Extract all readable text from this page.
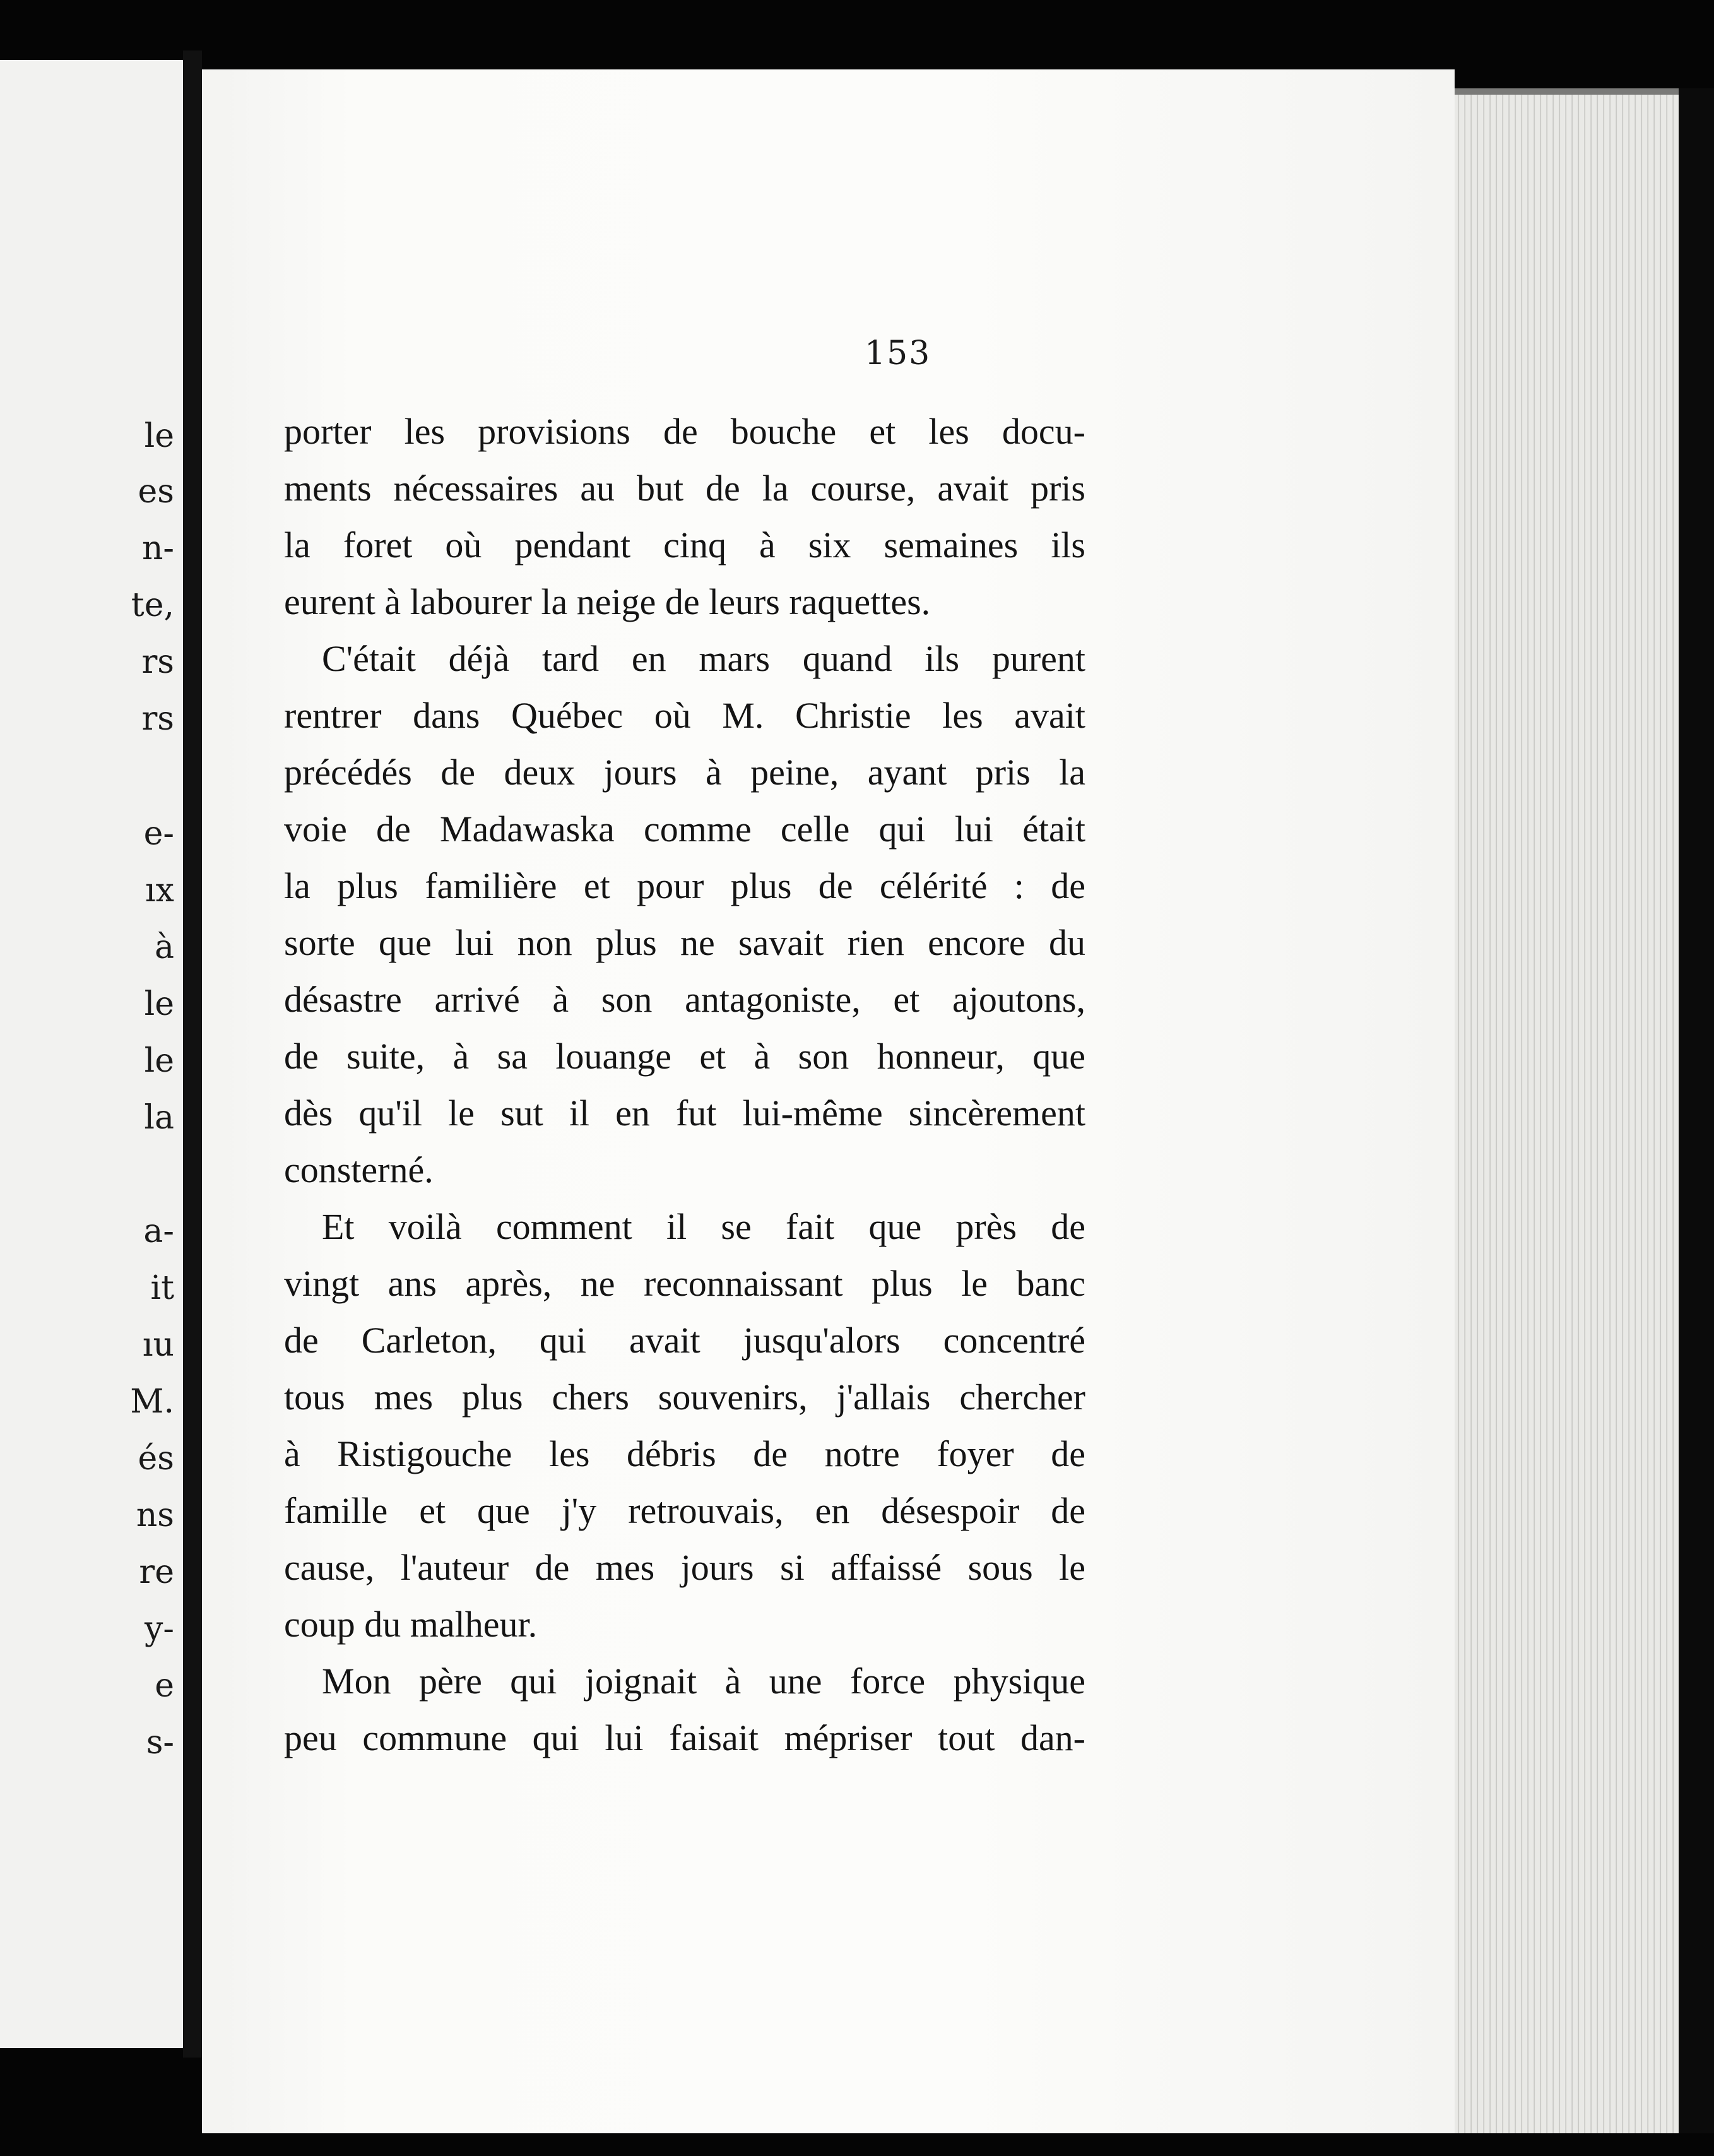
le
es
n-
te,
rs
rs
e-
ıx
à
le
le
la
a-
it
ıu
M.
és
ns
re
y-
e
s-
153
porter les provisions de bouche et les docu-
ments nécessaires au but de la course, avait pris
la foret où pendant cinq à six semaines ils
eurent à labourer la neige de leurs raquettes.
C'était déjà tard en mars quand ils purent
rentrer dans Québec où M. Christie les avait
précédés de deux jours à peine, ayant pris la
voie de Madawaska comme celle qui lui était
la plus familière et pour plus de célérité : de
sorte que lui non plus ne savait rien encore du
désastre arrivé à son antagoniste, et ajoutons,
de suite, à sa louange et à son honneur, que
dès qu'il le sut il en fut lui-même sincèrement
consterné.
Et voilà comment il se fait que près de
vingt ans après, ne reconnaissant plus le banc
de Carleton, qui avait jusqu'alors concentré
tous mes plus chers souvenirs, j'allais chercher
à Ristigouche les débris de notre foyer de
famille et que j'y retrouvais, en désespoir de
cause, l'auteur de mes jours si affaissé sous le
coup du malheur.
Mon père qui joignait à une force physique
peu commune qui lui faisait mépriser tout dan-
